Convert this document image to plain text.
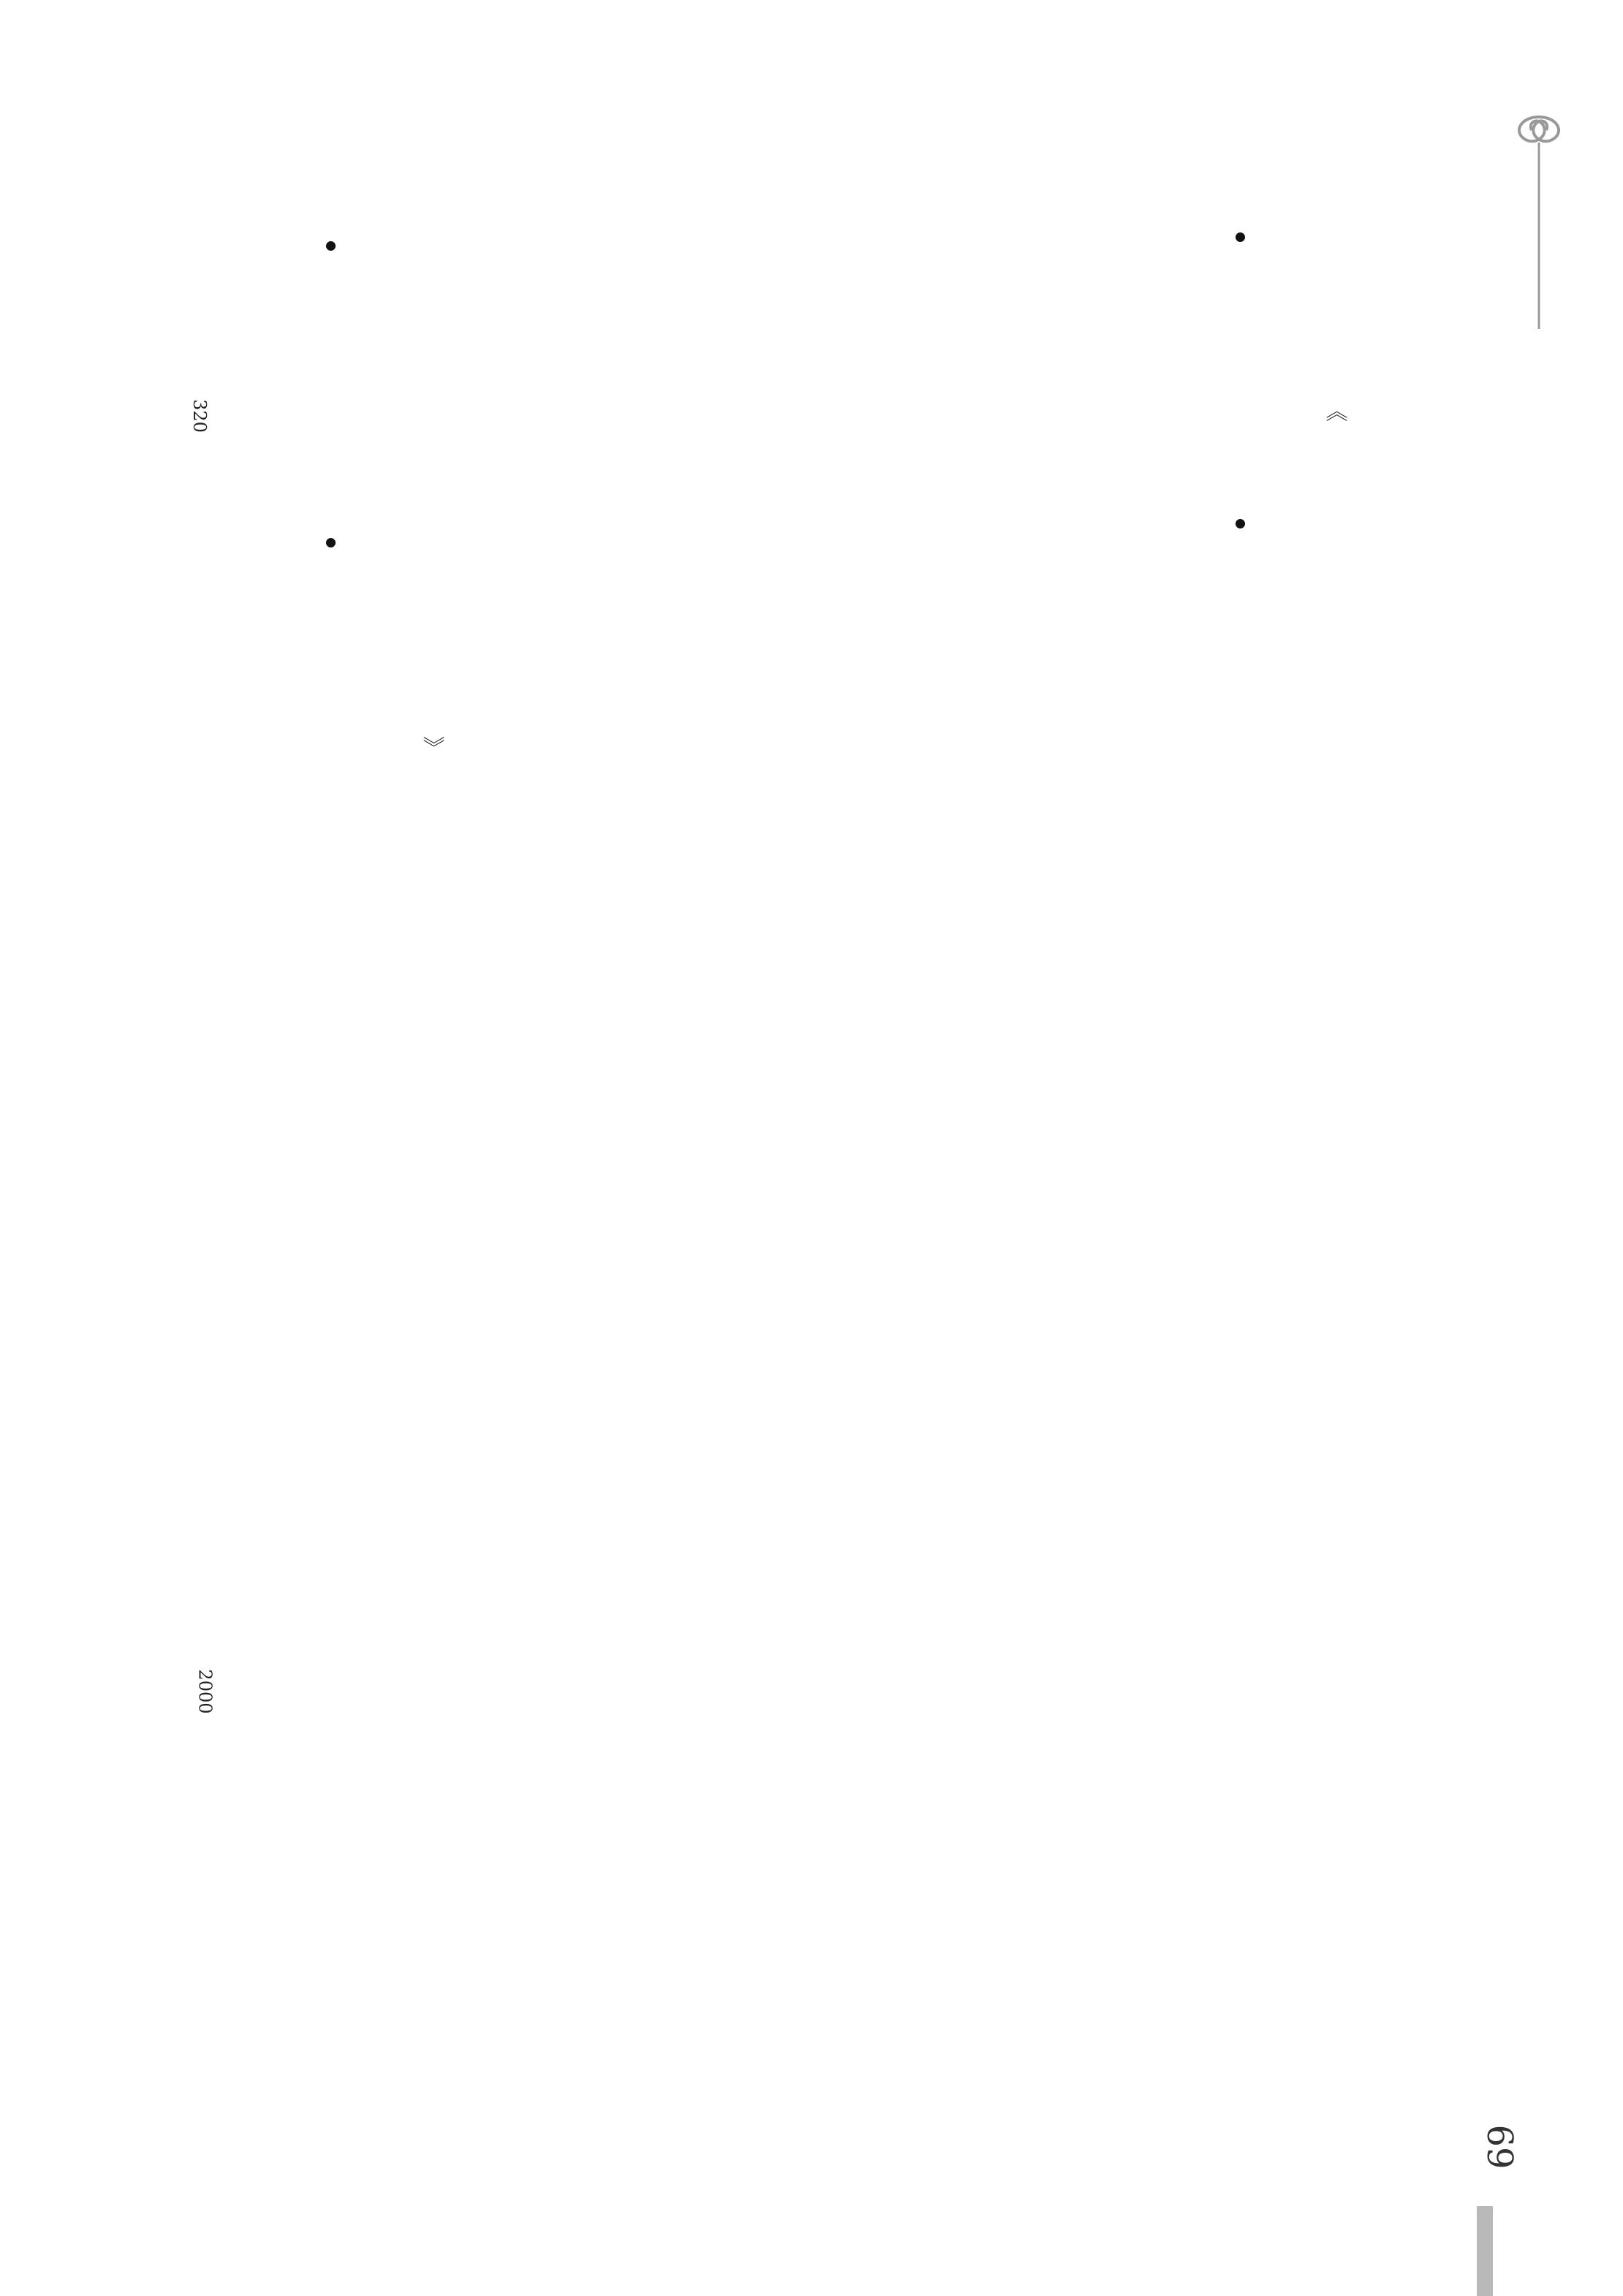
《
》
2000
320
69
